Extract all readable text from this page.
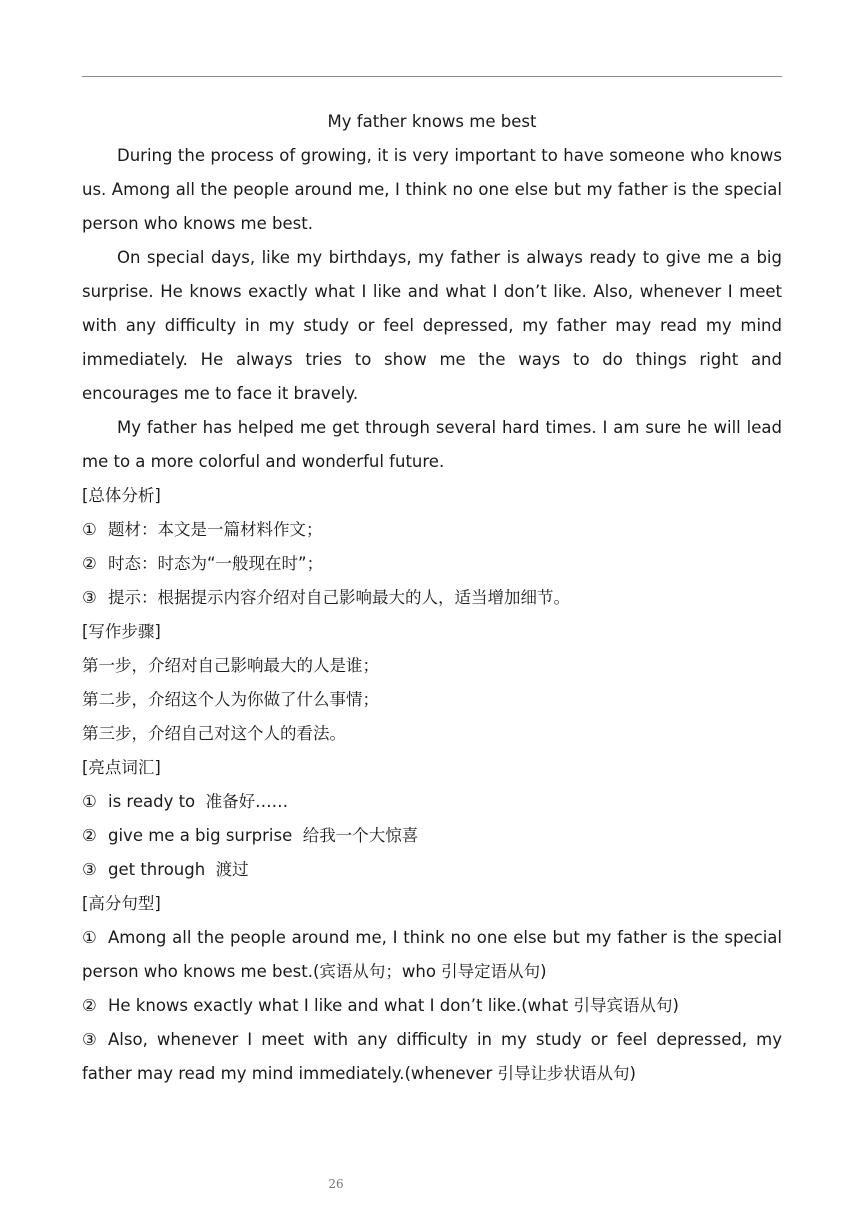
My father knows me best

During the process of growing, it is very important to have someone who knows us. Among all the people around me, I think no one else but my father is the special person who knows me best.

On special days, like my birthdays, my father is always ready to give me a big surprise. He knows exactly what I like and what I don’t like. Also, whenever I meet with any difficulty in my study or feel depressed, my father may read my mind immediately. He always tries to show me the ways to do things right and encourages me to face it bravely.

My father has helped me get through several hard times. I am sure he will lead me to a more colorful and wonderful future.

[总体分析]
① 题材：本文是一篇材料作文；
② 时态：时态为“一般现在时”；
③ 提示：根据提示内容介绍对自己影响最大的人，适当增加细节。
[写作步骤]
第一步，介绍对自己影响最大的人是谁；
第二步，介绍这个人为你做了什么事情；
第三步，介绍自己对这个人的看法。
[亮点词汇]
① is ready to  准备好……
② give me a big surprise  给我一个大惊喜
③ get through  渡过
[高分句型]

① Among all the people around me, I think no one else but my father is the special person who knows me best.(宾语从句；who 引导定语从句)

② He knows exactly what I like and what I don’t like.(what 引导宾语从句)

③ Also, whenever I meet with any difficulty in my study or feel depressed, my father may read my mind immediately.(whenever 引导让步状语从句)

26
